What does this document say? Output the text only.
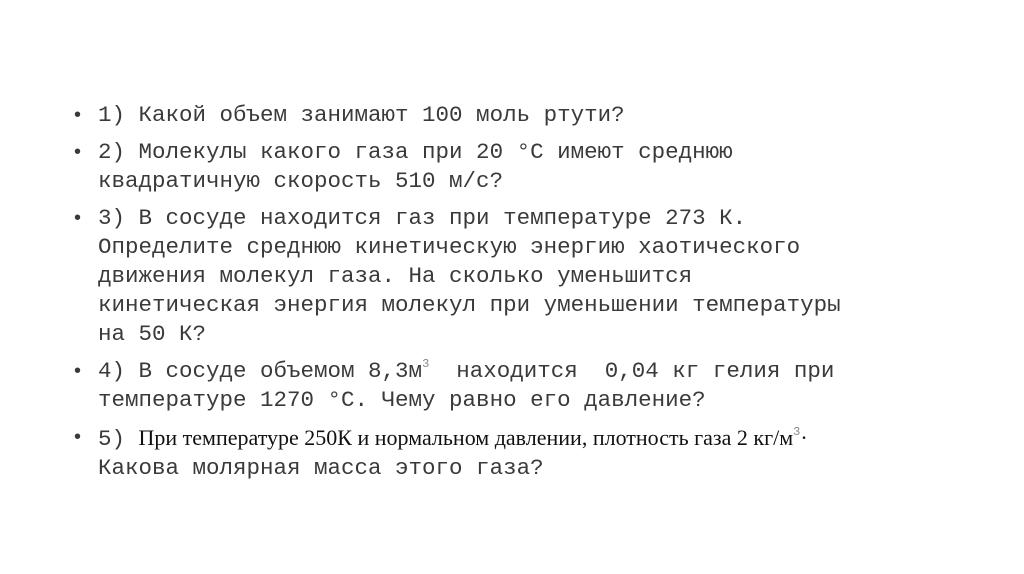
• 1) Какой объем занимают 100 моль ртути?
• 2) Молекулы какого газа при 20 °С имеют среднюю
квадратичную скорость 510 м/с?
• 3) В сосуде находится газ при температуре 273 К.
Определите среднюю кинетическую энергию хаотического
движения молекул газа. На сколько уменьшится
кинетическая энергия молекул при уменьшении температуры
на 50 К?
• 4) В сосуде объемом $8,3м^3$  находится  0,04 кг гелия при
температуре 1270 °С. Чему равно его давление?
• 5) При температуре 250К и нормальном давлении, плотность газа 2 $кг/м^3\cdot$
Какова молярная масса этого газа?
